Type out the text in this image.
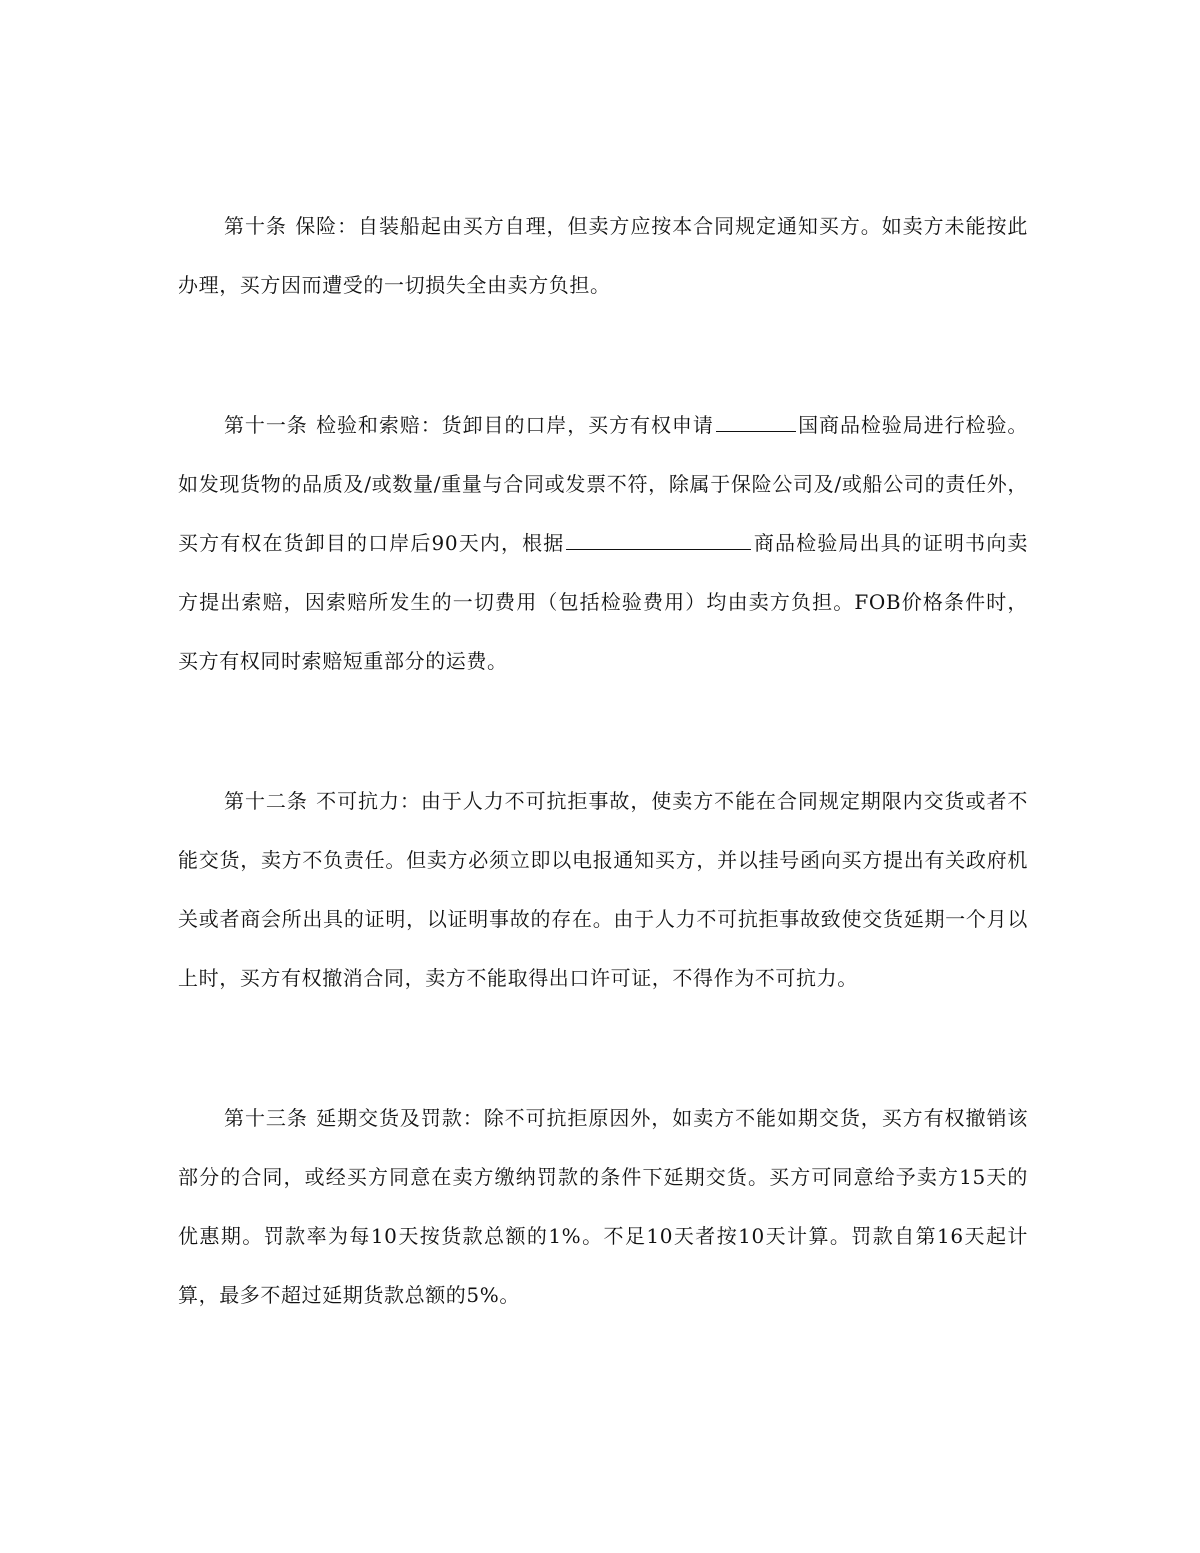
第十条 保险：自装船起由买方自理，但卖方应按本合同规定通知买方。如卖方未能按此办理，买方因而遭受的一切损失全由卖方负担。

第十一条 检验和索赔：货卸目的口岸，买方有权申请	国商品检验局进行检验。如发现货物的品质及/或数量/重量与合同或发票不符，除属于保险公司及/或船公司的责任外，买方有权在货卸目的口岸后90天内，根据	商品检验局出具的证明书向卖方提出索赔，因索赔所发生的一切费用（包括检验费用）均由卖方负担。FOB价格条件时，买方有权同时索赔短重部分的运费。

第十二条 不可抗力：由于人力不可抗拒事故，使卖方不能在合同规定期限内交货或者不能交货，卖方不负责任。但卖方必须立即以电报通知买方，并以挂号函向买方提出有关政府机关或者商会所出具的证明，以证明事故的存在。由于人力不可抗拒事故致使交货延期一个月以上时，买方有权撤消合同，卖方不能取得出口许可证，不得作为不可抗力。

第十三条 延期交货及罚款：除不可抗拒原因外，如卖方不能如期交货，买方有权撤销该部分的合同，或经买方同意在卖方缴纳罚款的条件下延期交货。买方可同意给予卖方15天的优惠期。罚款率为每10天按货款总额的1%。不足10天者按10天计算。罚款自第16天起计算，最多不超过延期货款总额的5%。
